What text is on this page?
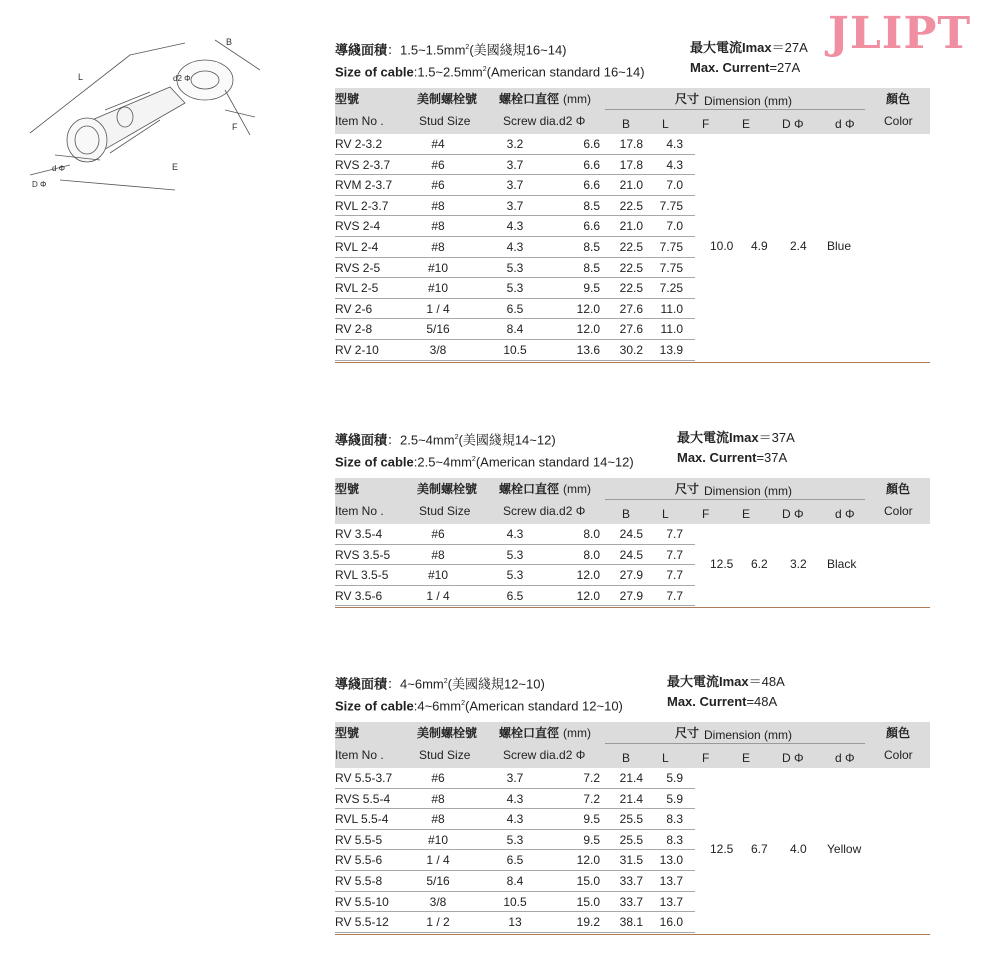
JLIPT
B
L
F
E
d2 Φ
d Φ
D Φ
導綫面積：$1.5\sim 1.5mm^2$(美國綫規16~14)
Size of $cable:1.5\sim 2.5mm^2(American$ standard 16~14)
最大電流Imax＝27A
Max. Current=27A
型號
Item No .
美制螺栓號
Stud Size
螺栓口直徑
Screw dia.d2 Φ
Dimension (mm)
B	L	F	E	D Φ	d Φ
顏色
Color
(mm)	尺寸
RV 2-3.2	#4	3.2	6.6	17.8	4.3
RVS 2-3.7	#6	3.7	6.6	17.8	4.3
RVM 2-3.7	#6	3.7	6.6	21.0	7.0
RVL 2-3.7	#8	3.7	8.5	22.5	7.75
RVS 2-4	#8	4.3	6.6	21.0	7.0
RVL 2-4	#8	4.3	8.5	22.5	7.75
RVS 2-5	#10	5.3	8.5	22.5	7.75
RVL 2-5	#10	5.3	9.5	22.5	7.25
RV 2-6	1 / 4	6.5	12.0	27.6	11.0
RV 2-8	5/16	8.4	12.0	27.6	11.0
RV 2-10	3/8	10.5	13.6	30.2	13.9
10.0 4.9 2.4 Blue
導綫面積：$2.5\sim 4mm^2$(美國綫規14~12)
Size of $cable:2.5\sim 4mm^2(American$ standard 14~12)
最大電流Imax＝37A
Max. Current=37A
型號
Item No .
美制螺栓號
Stud Size
螺栓口直徑
Screw dia.d2 Φ
Dimension (mm)
B	L	F	E	D Φ	d Φ
顏色
Color
(mm)	尺寸
RV 3.5-4	#6	4.3	8.0	24.5	7.7
RVS 3.5-5	#8	5.3	8.0	24.5	7.7
RVL 3.5-5	#10	5.3	12.0	27.9	7.7
RV 3.5-6	1 / 4	6.5	12.0	27.9	7.7
12.5 6.2 3.2 Black
導綫面積：$4\sim 6mm^2$(美國綫規12~10)
Size of $cable:4\sim 6mm^2(American$ standard 12~10)
最大電流Imax＝48A
Max. Current=48A
型號
Item No .
美制螺栓號
Stud Size
螺栓口直徑
Screw dia.d2 Φ
Dimension (mm)
B	L	F	E	D Φ	d Φ
顏色
Color
(mm)	尺寸
RV 5.5-3.7	#6	3.7	7.2	21.4	5.9
RVS 5.5-4	#8	4.3	7.2	21.4	5.9
RVL 5.5-4	#8	4.3	9.5	25.5	8.3
RV 5.5-5	#10	5.3	9.5	25.5	8.3
RV 5.5-6	1 / 4	6.5	12.0	31.5	13.0
RV 5.5-8	5/16	8.4	15.0	33.7	13.7
RV 5.5-10	3/8	10.5	15.0	33.7	13.7
RV 5.5-12	1 / 2	13	19.2	38.1	16.0
12.5 6.7 4.0 Yellow
